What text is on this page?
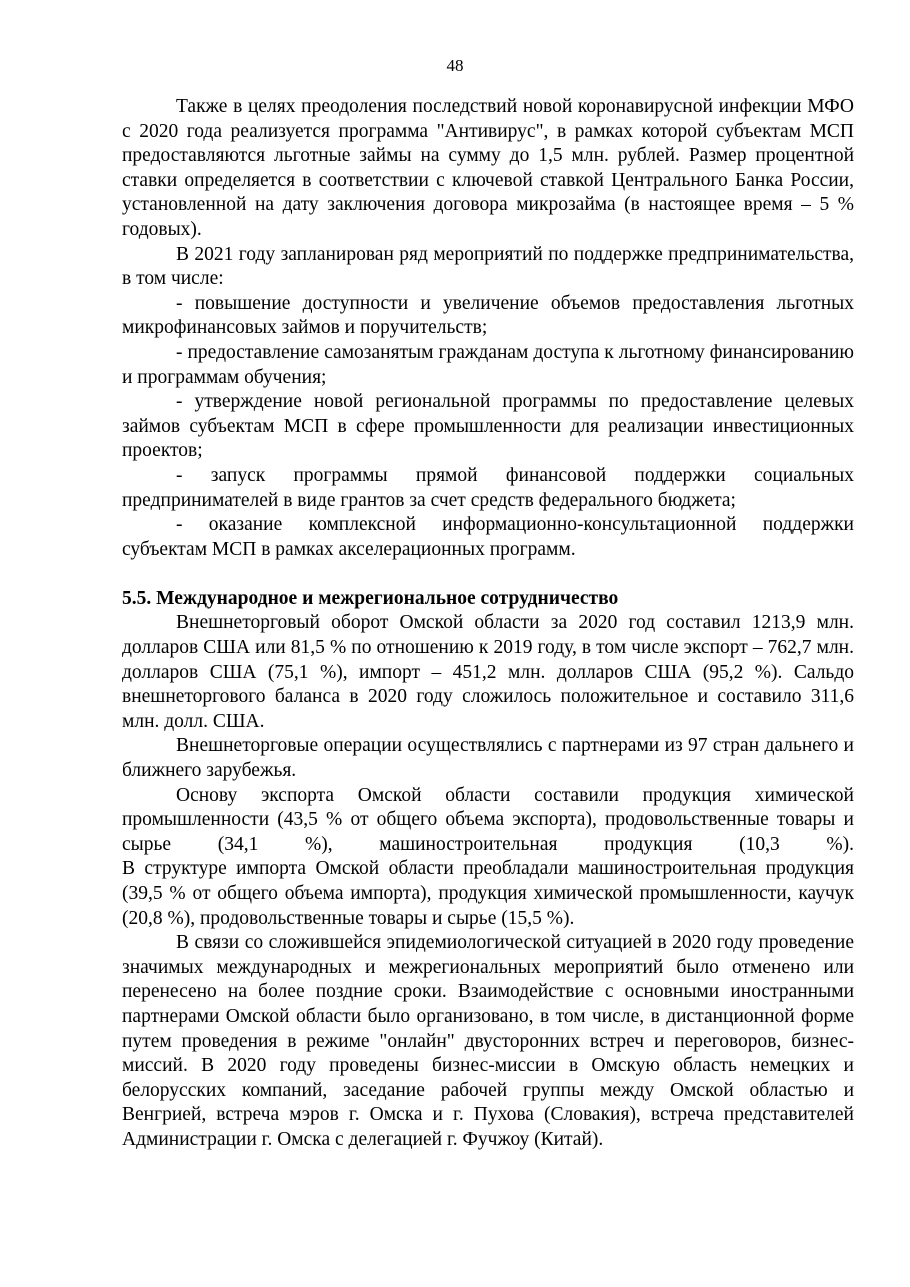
48

Также в целях преодоления последствий новой коронавирусной инфекции МФО с 2020 года реализуется программа "Антивирус", в рамках которой субъектам МСП предоставляются льготные займы на сумму до 1,5 млн. рублей. Размер процентной ставки определяется в соответствии с ключевой ставкой Центрального Банка России, установленной на дату заключения договора микрозайма (в настоящее время – 5 % годовых).

В 2021 году запланирован ряд мероприятий по поддержке предпринимательства, в том числе:

- повышение доступности и увеличение объемов предоставления льготных микрофинансовых займов и поручительств;

- предоставление самозанятым гражданам доступа к льготному финансированию и программам обучения;

- утверждение новой региональной программы по предоставление целевых займов субъектам МСП в сфере промышленности для реализации инвестиционных проектов;

- запуск программы прямой финансовой поддержки социальных предпринимателей в виде грантов за счет средств федерального бюджета;

- оказание комплексной информационно-консультационной поддержки субъектам МСП в рамках акселерационных программ.

5.5. Международное и межрегиональное сотрудничество

Внешнеторговый оборот Омской области за 2020 год составил 1213,9 млн. долларов США или 81,5 % по отношению к 2019 году, в том числе экспорт – 762,7 млн. долларов США (75,1 %), импорт – 451,2 млн. долларов США (95,2 %). Сальдо внешнеторгового баланса в 2020 году сложилось положительное и составило 311,6 млн. долл. США.

Внешнеторговые операции осуществлялись с партнерами из 97 стран дальнего и ближнего зарубежья.

Основу экспорта Омской области составили продукция химической промышленности (43,5 % от общего объема экспорта), продовольственные товары и сырье (34,1 %), машиностроительная продукция (10,3 %).

В структуре импорта Омской области преобладали машиностроительная продукция (39,5 % от общего объема импорта), продукция химической промышленности, каучук (20,8 %), продовольственные товары и сырье (15,5 %).

В связи со сложившейся эпидемиологической ситуацией в 2020 году проведение значимых международных и межрегиональных мероприятий было отменено или перенесено на более поздние сроки. Взаимодействие с основными иностранными партнерами Омской области было организовано, в том числе, в дистанционной форме путем проведения в режиме "онлайн" двусторонних встреч и переговоров, бизнес-миссий. В 2020 году проведены бизнес-миссии в Омскую область немецких и белорусских компаний, заседание рабочей группы между Омской областью и Венгрией, встреча мэров г. Омска и г. Пухова (Словакия), встреча представителей Администрации г. Омска с делегацией г. Фучжоу (Китай).
